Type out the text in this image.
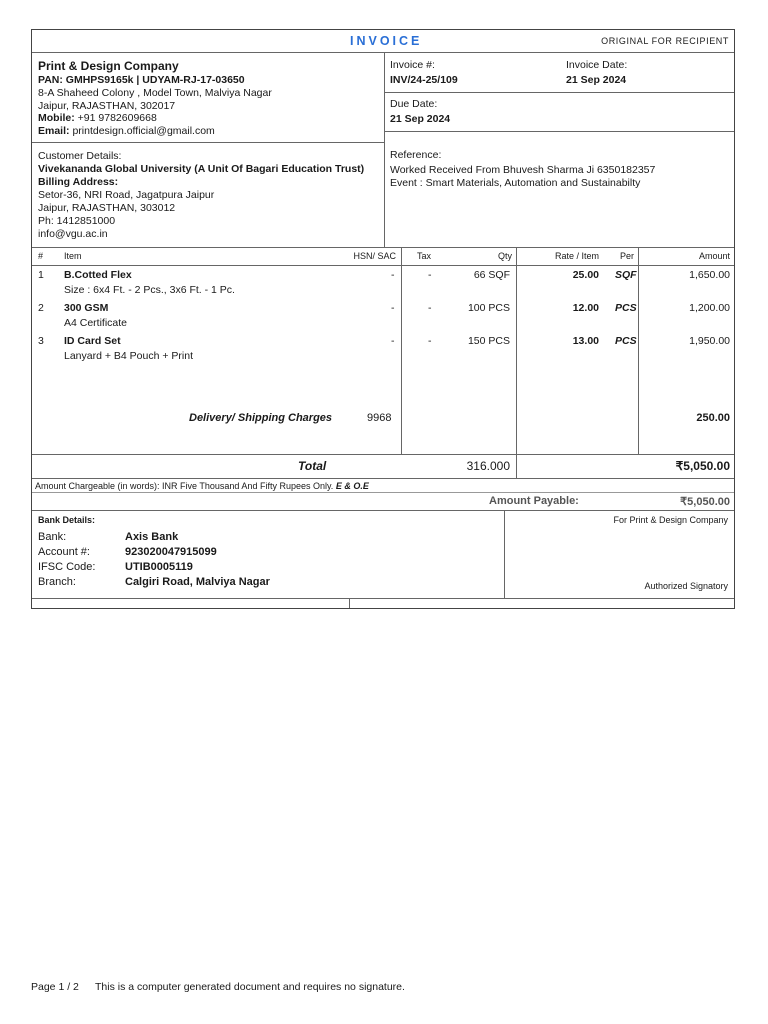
INVOICE	ORIGINAL FOR RECIPIENT
Print & Design Company
PAN: GMHPS9165k | UDYAM-RJ-17-03650
8-A Shaheed Colony , Model Town, Malviya Nagar
Jaipur, RAJASTHAN, 302017
Mobile: +91 9782609668
Email: printdesign.official@gmail.com
Invoice #:
INV/24-25/109
Invoice Date:
21 Sep 2024
Due Date:
21 Sep 2024
Customer Details:
Vivekananda Global University (A Unit Of Bagari Education Trust)
Billing Address:
Setor-36, NRI Road, Jagatpura Jaipur
Jaipur, RAJASTHAN, 303012
Ph: 1412851000
info@vgu.ac.in
Reference:
Worked Received From Bhuvesh Sharma Ji 6350182357
Event : Smart Materials, Automation and Sustainabilty
# Item	HSN/ SAC Tax	Qty	Rate / Item Per	Amount
1 B.Cotted Flex
Size : 6x4 Ft. - 2 Pcs., 3x6 Ft. - 1 Pc.
-	-	66 SQF	25.00 SQF	1,650.00
2 300 GSM
A4 Certificate
-	-	100 PCS	12.00 PCS	1,200.00
3 ID Card Set
Lanyard + B4 Pouch + Print
-	-	150 PCS	13.00 PCS	1,950.00
Delivery/ Shipping Charges	9968	250.00
Total	316.000	₹5,050.00
Amount Chargeable (in words): INR Five Thousand And Fifty Rupees Only. E & O.E
Amount Payable:	₹5,050.00
Bank Details:
Bank:	Axis Bank
Account #:	923020047915099
IFSC Code:	UTIB0005119
Branch:	Calgiri Road, Malviya Nagar
For Print & Design Company
Authorized Signatory
Page 1 / 2 This is a computer generated document and requires no signature.
